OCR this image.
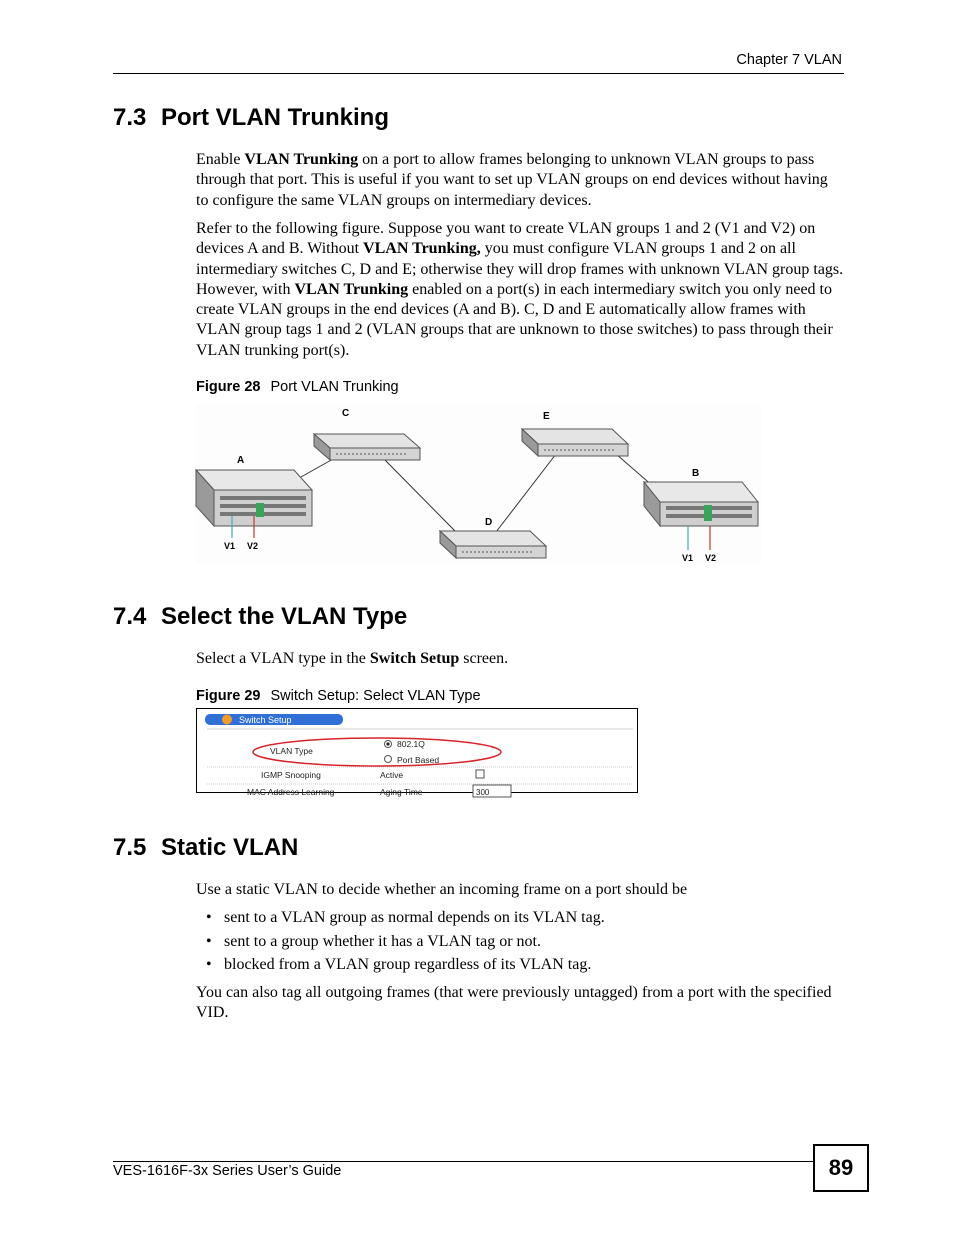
Chapter 7 VLAN
7.3 Port VLAN Trunking

Enable VLAN Trunking on a port to allow frames belonging to unknown VLAN groups to pass through that port. This is useful if you want to set up VLAN groups on end devices without having to configure the same VLAN groups on intermediary devices.

Refer to the following figure. Suppose you want to create VLAN groups 1 and 2 (V1 and V2) on devices A and B. Without VLAN Trunking, you must configure VLAN groups 1 and 2 on all intermediary switches C, D and E; otherwise they will drop frames with unknown VLAN group tags. However, with VLAN Trunking enabled on a port(s) in each intermediary switch you only need to create VLAN groups in the end devices (A and B). C, D and E automatically allow frames with VLAN group tags 1 and 2 (VLAN groups that are unknown to those switches) to pass through their VLAN trunking port(s).

Figure 28 Port VLAN Trunking
C	E
A
B
D
V1 V2
V1 V2
7.4 Select the VLAN Type

Select a VLAN type in the Switch Setup screen.

Figure 29 Switch Setup: Select VLAN Type
Switch Setup
VLAN Type
802.1Q
Port Based
IGMP Snooping	Active
MAC Address Learning	Aging Time	300
7.5 Static VLAN

Use a static VLAN to decide whether an incoming frame on a port should be

• sent to a VLAN group as normal depends on its VLAN tag.
• sent to a group whether it has a VLAN tag or not.
• blocked from a VLAN group regardless of its VLAN tag.

You can also tag all outgoing frames (that were previously untagged) from a port with the specified VID.

VES-1616F-3x Series User’s Guide	89
